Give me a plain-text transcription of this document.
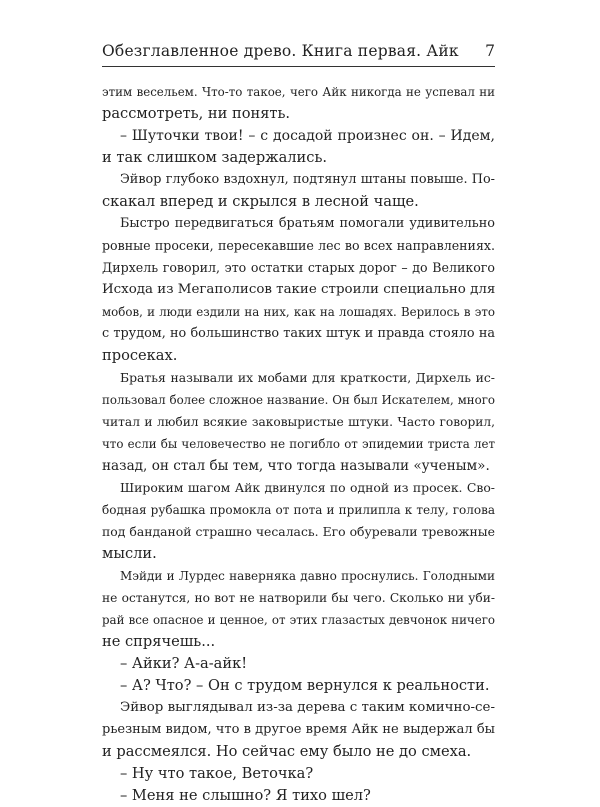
Обезглавленное древо. Книга первая. Айк 7
этим весельем. Что-то такое, чего Айк никогда не успевал ни
рассмотреть, ни понять.
– Шуточки твои! – с досадой произнес он. – Идем,
и так слишком задержались.
Эйвор глубоко вздохнул, подтянул штаны повыше. По-
скакал вперед и скрылся в лесной чаще.
Быстро передвигаться братьям помогали удивительно
ровные просеки, пересекавшие лес во всех направлениях.
Дирхель говорил, это остатки старых дорог – до Великого
Исхода из Мегаполисов такие строили специально для
мобов, и люди ездили на них, как на лошадях. Верилось в это
с трудом, но большинство таких штук и правда стояло на
просеках.
Братья называли их мобами для краткости, Дирхель ис-
пользовал более сложное название. Он был Искателем, много
читал и любил всякие заковыристые штуки. Часто говорил,
что если бы человечество не погибло от эпидемии триста лет
назад, он стал бы тем, что тогда называли «ученым».
Широким шагом Айк двинулся по одной из просек. Сво-
бодная рубашка промокла от пота и прилипла к телу, голова
под банданой страшно чесалась. Его обуревали тревожные
мысли.
Мэйди и Лурдес наверняка давно проснулись. Голодными
не останутся, но вот не натворили бы чего. Сколько ни уби-
рай все опасное и ценное, от этих глазастых девчонок ничего
не спрячешь...
– Айки? А-а-айк!
– А? Что? – Он с трудом вернулся к реальности.
Эйвор выглядывал из-за дерева с таким комично-се-
рьезным видом, что в другое время Айк не выдержал бы
и рассмеялся. Но сейчас ему было не до смеха.
– Ну что такое, Веточка?
– Меня не слышно? Я тихо шел?
